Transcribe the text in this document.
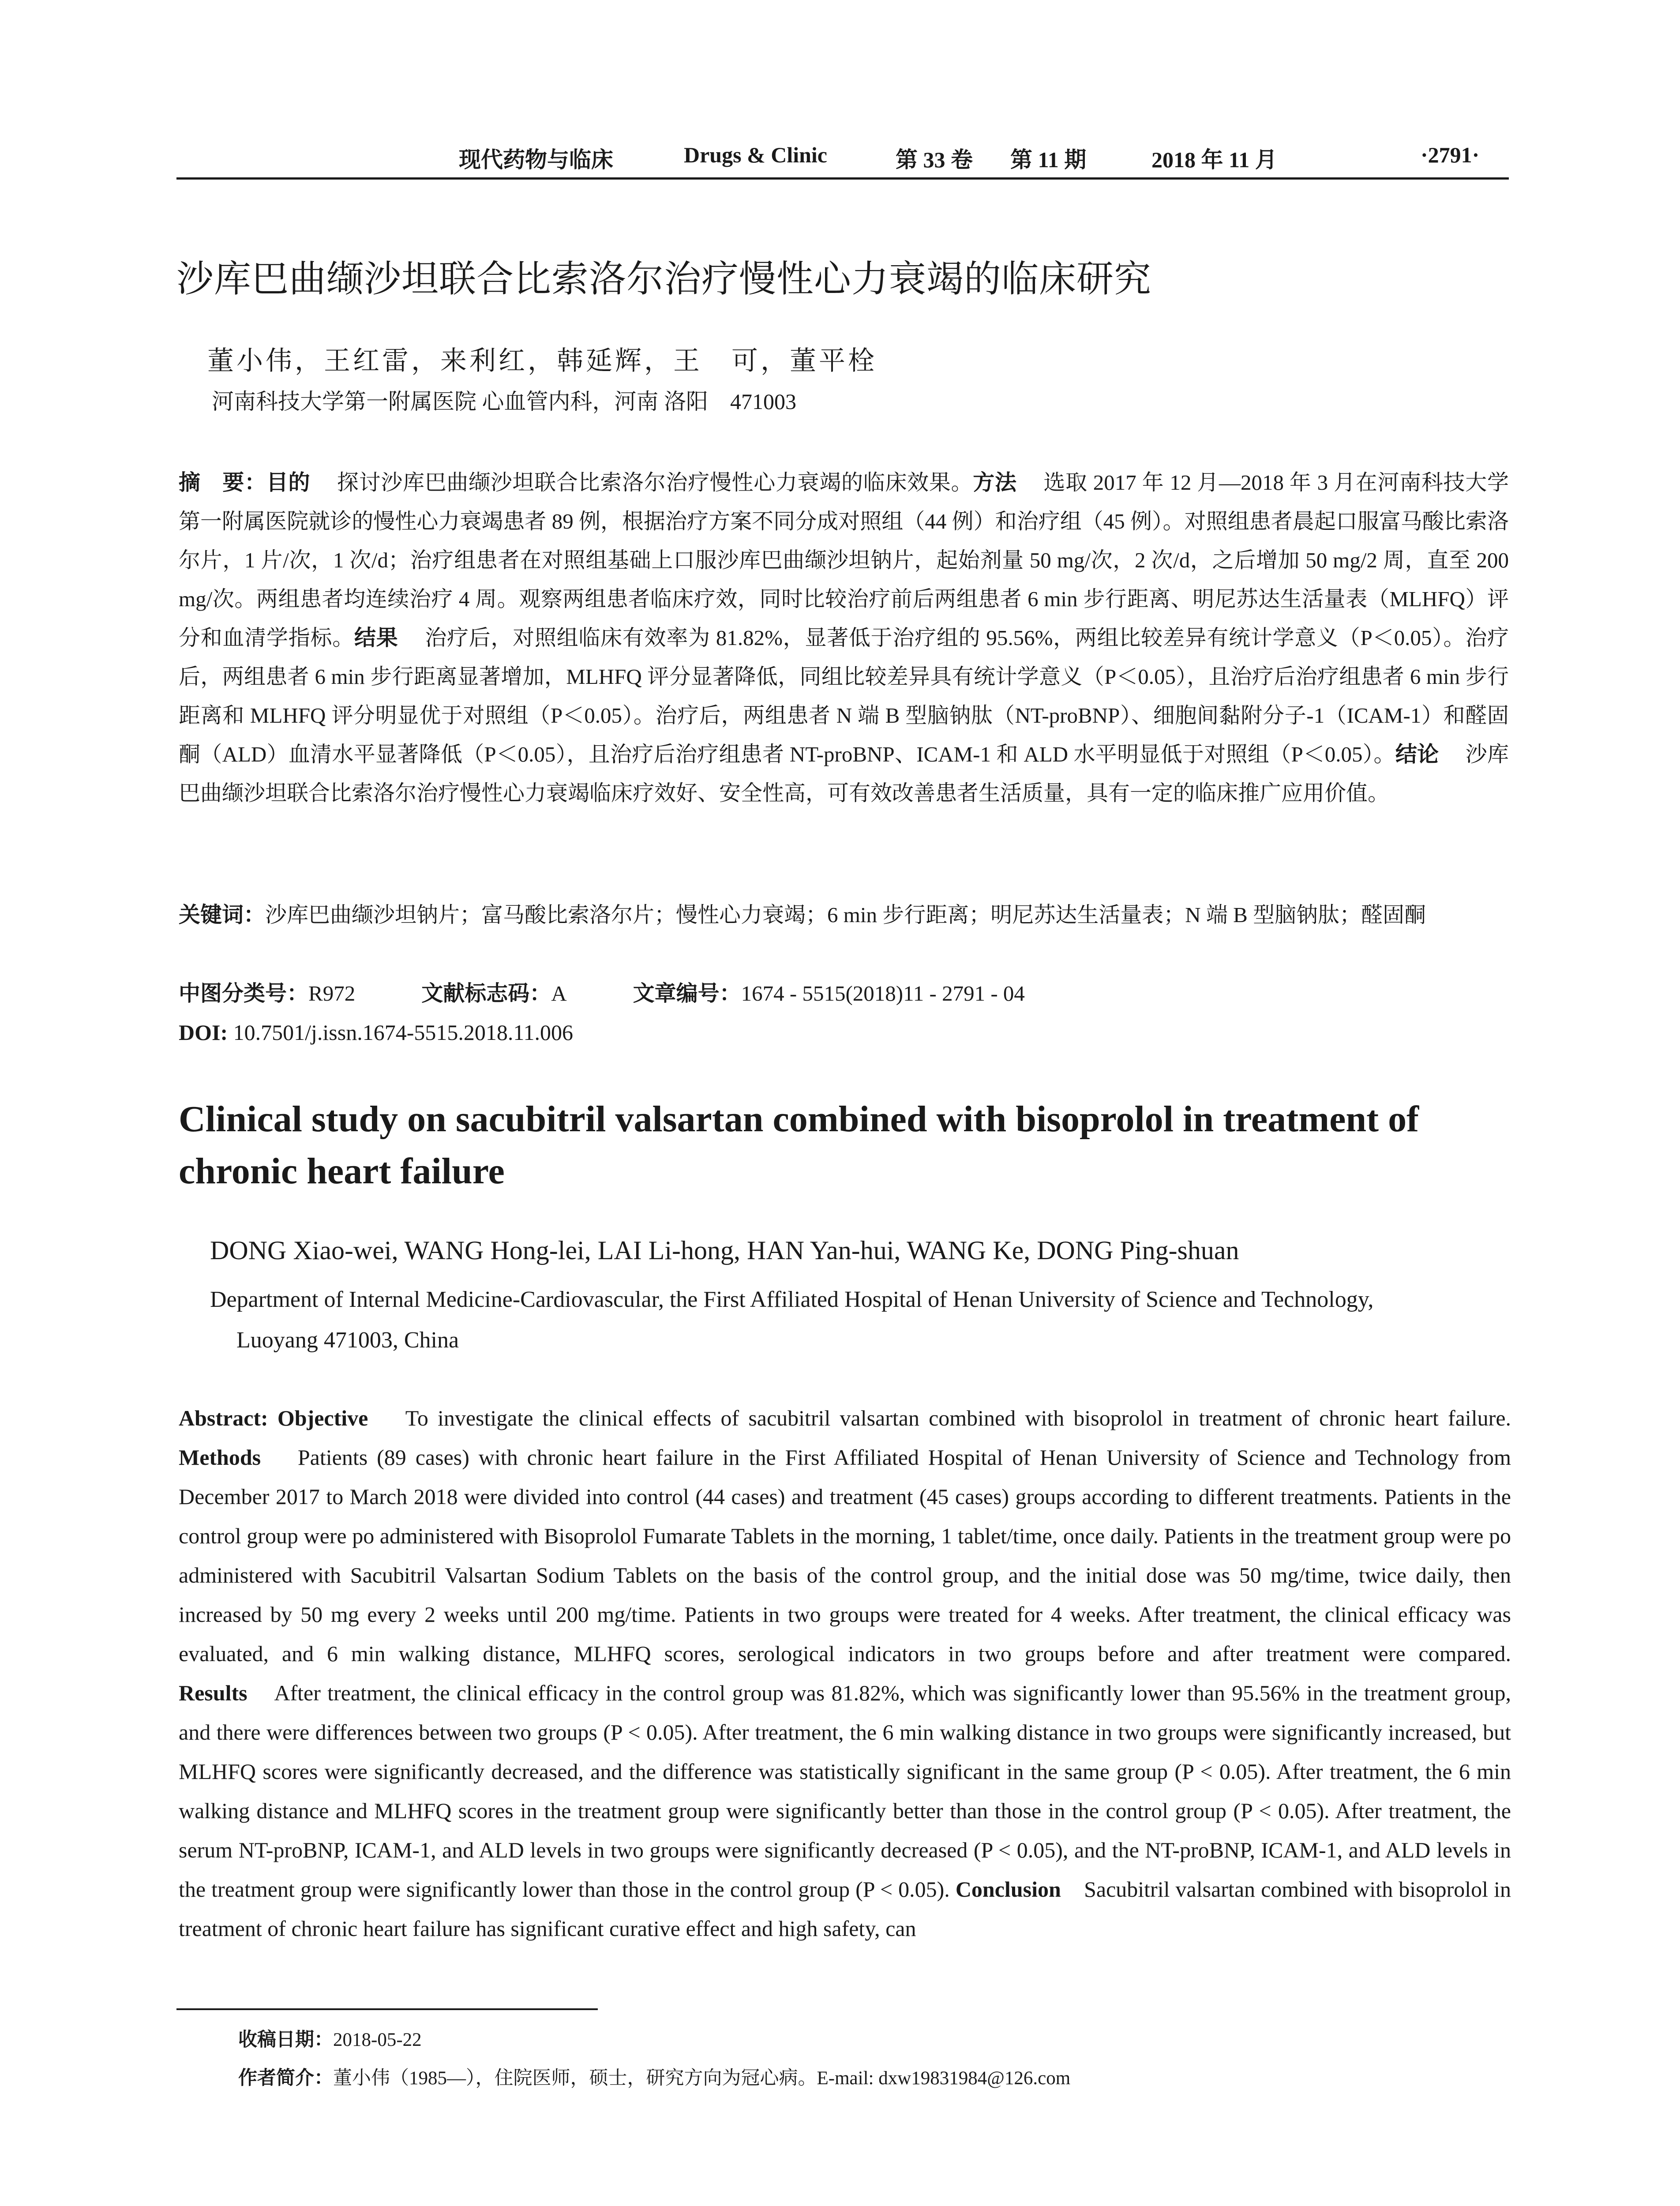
现代药物与临床	Drugs & Clinic	第 33 卷 第 11 期	2018 年 11 月	·2791·
沙库巴曲缬沙坦联合比索洛尔治疗慢性心力衰竭的临床研究
董小伟，王红雷，来利红，韩延辉，王　可，董平栓
河南科技大学第一附属医院 心血管内科，河南 洛阳　471003
摘　要：目的 探讨沙库巴曲缬沙坦联合比索洛尔治疗慢性心力衰竭的临床效果。方法 选取 2017 年 12 月—2018 年 3 月在河南科技大学第一附属医院就诊的慢性心力衰竭患者 89 例，根据治疗方案不同分成对照组（44 例）和治疗组（45 例）。对照组患者晨起口服富马酸比索洛尔片，1 片/次，1 次/d；治疗组患者在对照组基础上口服沙库巴曲缬沙坦钠片，起始剂量 50 mg/次，2 次/d，之后增加 50 mg/2 周，直至 200 mg/次。两组患者均连续治疗 4 周。观察两组患者临床疗效，同时比较治疗前后两组患者 6 min 步行距离、明尼苏达生活量表（MLHFQ）评分和血清学指标。结果 治疗后，对照组临床有效率为 81.82%，显著低于治疗组的 95.56%，两组比较差异有统计学意义（P＜0.05）。治疗后，两组患者 6 min 步行距离显著增加，MLHFQ 评分显著降低，同组比较差异具有统计学意义（P＜0.05），且治疗后治疗组患者 6 min 步行距离和 MLHFQ 评分明显优于对照组（P＜0.05）。治疗后，两组患者 N 端 B 型脑钠肽（NT-proBNP）、细胞间黏附分子-1（ICAM-1）和醛固酮（ALD）血清水平显著降低（P＜0.05），且治疗后治疗组患者 NT-proBNP、ICAM-1 和 ALD 水平明显低于对照组（P＜0.05）。结论 沙库巴曲缬沙坦联合比索洛尔治疗慢性心力衰竭临床疗效好、安全性高，可有效改善患者生活质量，具有一定的临床推广应用价值。
关键词：沙库巴曲缬沙坦钠片；富马酸比索洛尔片；慢性心力衰竭；6 min 步行距离；明尼苏达生活量表；N 端 B 型脑钠肽；醛固酮
中图分类号：R972	文献标志码：A	文章编号：1674 - 5515(2018)11 - 2791 - 04
DOI: 10.7501/j.issn.1674-5515.2018.11.006
Clinical study on sacubitril valsartan combined with bisoprolol in treatment of chronic heart failure
DONG Xiao-wei, WANG Hong-lei, LAI Li-hong, HAN Yan-hui, WANG Ke, DONG Ping-shuan
Department of Internal Medicine-Cardiovascular, the First Affiliated Hospital of Henan University of Science and Technology,
Luoyang 471003, China
Abstract: Objective To investigate the clinical effects of sacubitril valsartan combined with bisoprolol in treatment of chronic heart failure. Methods Patients (89 cases) with chronic heart failure in the First Affiliated Hospital of Henan University of Science and Technology from December 2017 to March 2018 were divided into control (44 cases) and treatment (45 cases) groups according to different treatments. Patients in the control group were po administered with Bisoprolol Fumarate Tablets in the morning, 1 tablet/time, once daily. Patients in the treatment group were po administered with Sacubitril Valsartan Sodium Tablets on the basis of the control group, and the initial dose was 50 mg/time, twice daily, then increased by 50 mg every 2 weeks until 200 mg/time. Patients in two groups were treated for 4 weeks. After treatment, the clinical efficacy was evaluated, and 6 min walking distance, MLHFQ scores, serological indicators in two groups before and after treatment were compared. Results After treatment, the clinical efficacy in the control group was 81.82%, which was significantly lower than 95.56% in the treatment group, and there were differences between two groups (P < 0.05). After treatment, the 6 min walking distance in two groups were significantly increased, but MLHFQ scores were significantly decreased, and the difference was statistically significant in the same group (P < 0.05). After treatment, the 6 min walking distance and MLHFQ scores in the treatment group were significantly better than those in the control group (P < 0.05). After treatment, the serum NT-proBNP, ICAM-1, and ALD levels in two groups were significantly decreased (P < 0.05), and the NT-proBNP, ICAM-1, and ALD levels in the treatment group were significantly lower than those in the control group (P < 0.05). Conclusion Sacubitril valsartan combined with bisoprolol in treatment of chronic heart failure has significant curative effect and high safety, can
收稿日期：2018-05-22
作者简介：董小伟（1985—），住院医师，硕士，研究方向为冠心病。E-mail: dxw19831984@126.com
